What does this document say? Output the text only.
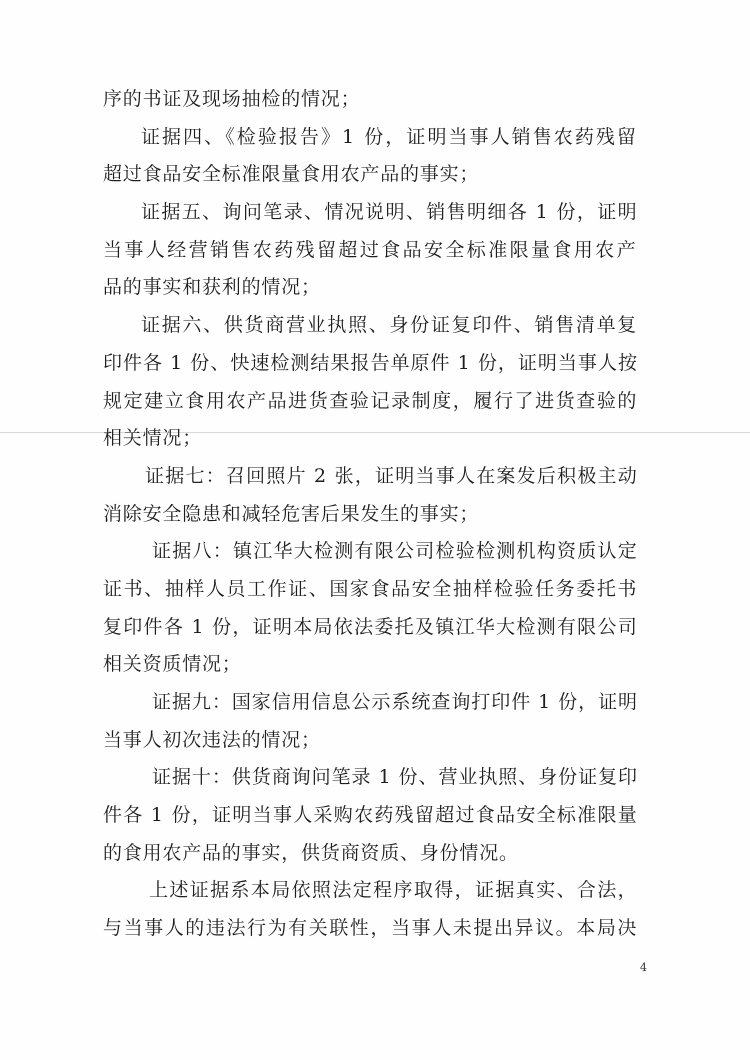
序的书证及现场抽检的情况；
证据四、《检验报告》1 份，证明当事人销售农药残留
超过食品安全标准限量食用农产品的事实；
证据五、询问笔录、情况说明、销售明细各 1 份，证明
当事人经营销售农药残留超过食品安全标准限量食用农产
品的事实和获利的情况；
证据六、供货商营业执照、身份证复印件、销售清单复
印件各 1 份、快速检测结果报告单原件 1 份，证明当事人按
规定建立食用农产品进货查验记录制度，履行了进货查验的
相关情况；
证据七：召回照片 2 张，证明当事人在案发后积极主动
消除安全隐患和减轻危害后果发生的事实；
证据八：镇江华大检测有限公司检验检测机构资质认定
证书、抽样人员工作证、国家食品安全抽样检验任务委托书
复印件各 1 份，证明本局依法委托及镇江华大检测有限公司
相关资质情况；
证据九：国家信用信息公示系统查询打印件 1 份，证明
当事人初次违法的情况；
证据十：供货商询问笔录 1 份、营业执照、身份证复印
件各 1 份，证明当事人采购农药残留超过食品安全标准限量
的食用农产品的事实，供货商资质、身份情况。
上述证据系本局依照法定程序取得，证据真实、合法，
与当事人的违法行为有关联性，当事人未提出异议。本局决
4
